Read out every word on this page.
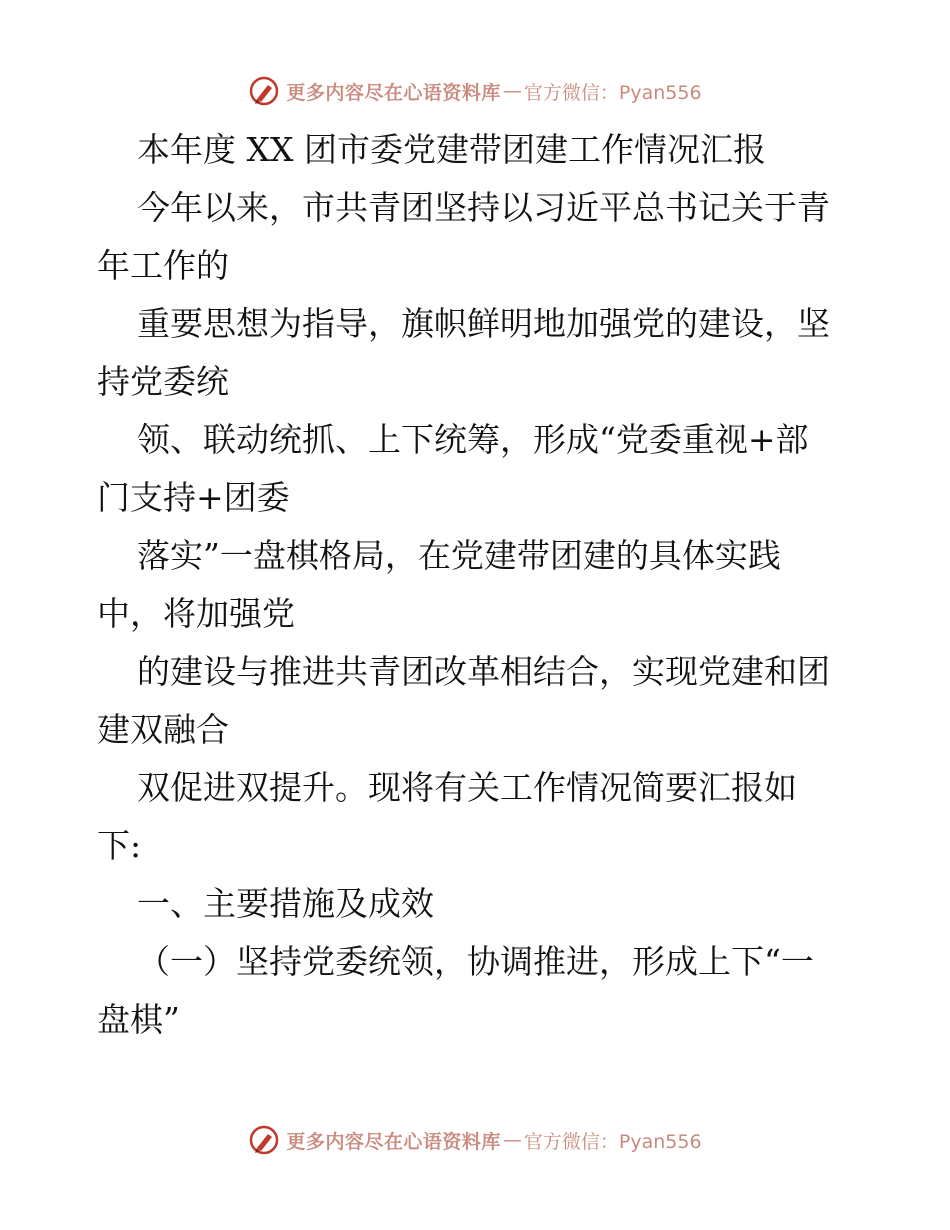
更多内容尽在心语资料库 — 官方微信：Pyan556
本年度 XX 团市委党建带团建工作情况汇报
今年以来，市共青团坚持以习近平总书记关于青
年工作的
重要思想为指导，旗帜鲜明地加强党的建设，坚
持党委统
领、联动统抓、上下统筹，形成“党委重视+部
门支持+团委
落实”一盘棋格局，在党建带团建的具体实践
中，将加强党
的建设与推进共青团改革相结合，实现党建和团
建双融合
双促进双提升。现将有关工作情况简要汇报如
下:
一、主要措施及成效
（一）坚持党委统领，协调推进，形成上下“一
盘棋”
更多内容尽在心语资料库 — 官方微信：Pyan556
